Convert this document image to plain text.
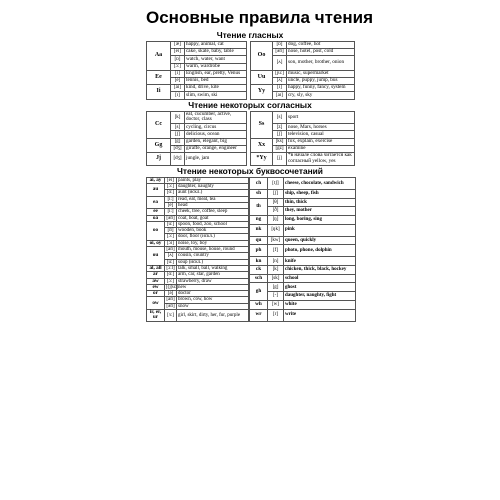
Основные правила чтения
Чтение гласных
Aa	[æ]	happy, animal, cat		Oo	[ɒ]	dog, coffee, hot
	[eɪ]	cake, skate, baby, table			[əʊ]	nose, hotel, post, cold
	[ɒ]	watch, water, want			[ʌ]	son, mother, brother, onion
	[ɔ:]	warm, wardrobe				
Ee	[i]	English, ear, pretty, Venus		Uu	[ju:]	music, supermarket
	[e]	tennis, bed			[ʌ]	uncle, puppy, jump, bus
Ii	[aɪ]	kind, drive, kite		Yy	[i]	happy, funny, fancy, system
	[ɪ]	slim, swim, ski			[aɪ]	cry, sly, sky
Чтение некоторых согласных
Cc	[k]	eat, cucumber, active, doctor, class		Ss	[s]	sport
	[s]	cycling, circus			[z]	nose, Mars, horses
	[ʃ]	delicious, ocean			[ʃ]	television, casual
Gg	[g]	garden, elegant, big		Xx	[ks]	fox, explain, exercise
	[dʒ]	giraffe, orange, engineer			[gz]	examine
Jj	[dʒ]	jungle, jam		*Yy	[j]	*в начале слова читается как согласный yellow, yes
Чтение некоторых буквосочетаний
ai, ay	[eɪ]	paints, play
au	[ɔ:]	daughter, naughty
	[ɑ:]	aunt (искл.)
ea	[i:]	read, eat, meat, tea
	[e]	head
ee	[i:]	cheek, tree, coffee, sleep
oa	[əʊ]	coat, boat, goat
oo	[u:]	spoon, food, zoo, school
	[ʊ]	wooden, book
	[ɔ:]	door, floor (искл.)
oi, oy	[ɔɪ]	noise, toy, boy
ou	[aʊ]	mouth, mouse, house, round
	[ʌ]	cousin, country
	[u:]	soup (искл.)
al, all	[ɔ:l]	talk, small, ball, walking
ar	[ɑ:]	arm, car, star, garden
aw	[ɔ:]	strawberry, draw
ew	[(j)u:]	new
or	[ə]	doctor
ow	[aʊ]	brown, cow, how
	[əʊ]	snow
ir, er, ur	[ɜ:]	girl, skirt, dirty, her, fur, purple
ch	[tʃ]	cheese, chocolate, sandwich
sh	[ʃ]	ship, sheep, fish
th	[θ]	thin, thick
	[ð]	they, mother
ng	[ŋ]	long, boring, sing
nk	[ŋk]	pink
qu	[kw]	queen, quickly
ph	[f]	photo, phone, dolphin
kn	[n]	knife
ck	[k]	chicken, thick, black, hockey
sch	[sk]	school
gh	[g]	ghost
	[-]	daughter, naughty, fight
wh	[w]	white
wr	[r]	write
